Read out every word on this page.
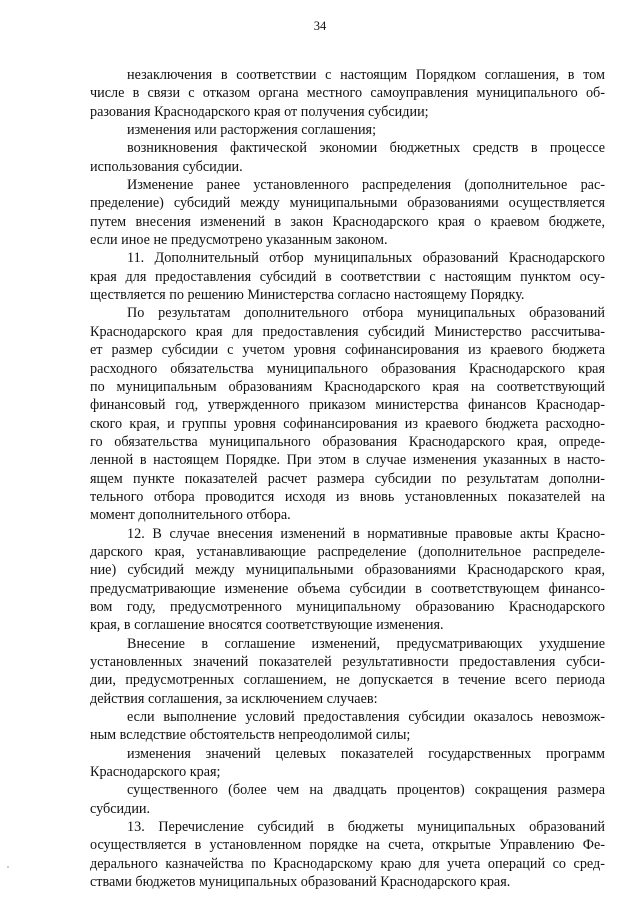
34
незаключения в соответствии с настоящим Порядком соглашения, в том
числе в связи с отказом органа местного самоуправления муниципального об-
разования Краснодарского края от получения субсидии;
изменения или расторжения соглашения;
возникновения фактической экономии бюджетных средств в процессе
использования субсидии.
Изменение ранее установленного распределения (дополнительное рас-
пределение) субсидий между муниципальными образованиями осуществляется
путем внесения изменений в закон Краснодарского края о краевом бюджете,
если иное не предусмотрено указанным законом.
11. Дополнительный отбор муниципальных образований Краснодарского
края для предоставления субсидий в соответствии с настоящим пунктом осу-
ществляется по решению Министерства согласно настоящему Порядку.
По результатам дополнительного отбора муниципальных образований
Краснодарского края для предоставления субсидий Министерство рассчитыва-
ет размер субсидии с учетом уровня софинансирования из краевого бюджета
расходного обязательства муниципального образования Краснодарского края
по муниципальным образованиям Краснодарского края на соответствующий
финансовый год, утвержденного приказом министерства финансов Краснодар-
ского края, и группы уровня софинансирования из краевого бюджета расходно-
го обязательства муниципального образования Краснодарского края, опреде-
ленной в настоящем Порядке. При этом в случае изменения указанных в насто-
ящем пункте показателей расчет размера субсидии по результатам дополни-
тельного отбора проводится исходя из вновь установленных показателей на
момент дополнительного отбора.
12. В случае внесения изменений в нормативные правовые акты Красно-
дарского края, устанавливающие распределение (дополнительное распределе-
ние) субсидий между муниципальными образованиями Краснодарского края,
предусматривающие изменение объема субсидии в соответствующем финансо-
вом году, предусмотренного муниципальному образованию Краснодарского
края, в соглашение вносятся соответствующие изменения.
Внесение в соглашение изменений, предусматривающих ухудшение
установленных значений показателей результативности предоставления субси-
дии, предусмотренных соглашением, не допускается в течение всего периода
действия соглашения, за исключением случаев:
если выполнение условий предоставления субсидии оказалось невозмож-
ным вследствие обстоятельств непреодолимой силы;
изменения значений целевых показателей государственных программ
Краснодарского края;
существенного (более чем на двадцать процентов) сокращения размера
субсидии.
13. Перечисление субсидий в бюджеты муниципальных образований
осуществляется в установленном порядке на счета, открытые Управлению Фе-
дерального казначейства по Краснодарскому краю для учета операций со сред-
ствами бюджетов муниципальных образований Краснодарского края.
